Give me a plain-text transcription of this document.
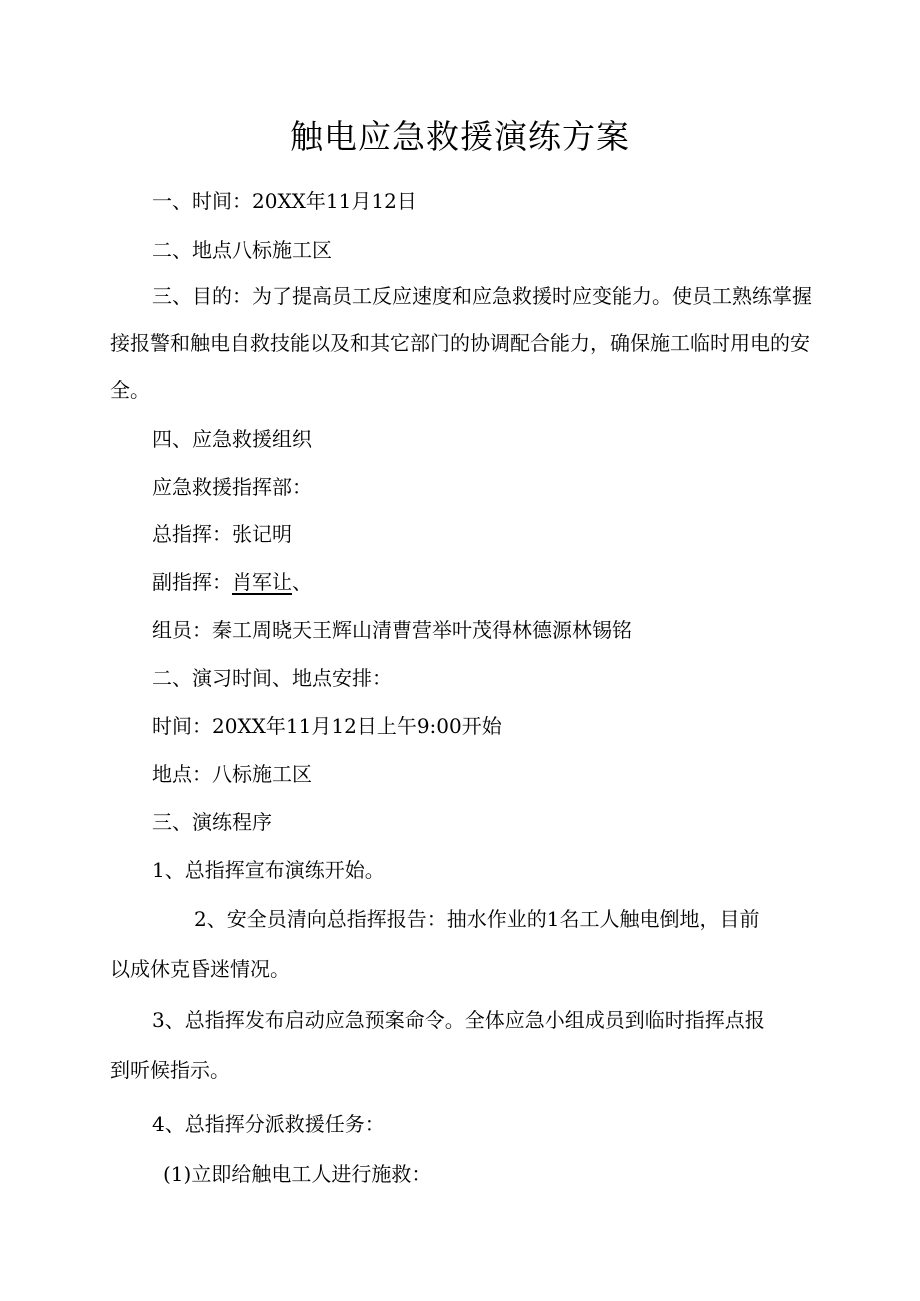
触电应急救援演练方案
一、时间：20XX年11月12日
二、地点八标施工区
三、目的：为了提高员工反应速度和应急救援时应变能力。使员工熟练掌握接报警和触电自救技能以及和其它部门的协调配合能力，确保施工临时用电的安全。
四、应急救援组织
应急救援指挥部：
总指挥：张记明
副指挥：肖军让、
组员：秦工周晓天王辉山清曹营举叶茂得林德源林锡铭
二、演习时间、地点安排：
时间：20XX年11月12日上午9:00开始
地点：八标施工区
三、演练程序
1、总指挥宣布演练开始。
2、安全员清向总指挥报告：抽水作业的1名工人触电倒地，目前
以成休克昏迷情况。
3、总指挥发布启动应急预案命令。全体应急小组成员到临时指挥点报
到听候指示。
4、总指挥分派救援任务：
(1)立即给触电工人进行施救：
